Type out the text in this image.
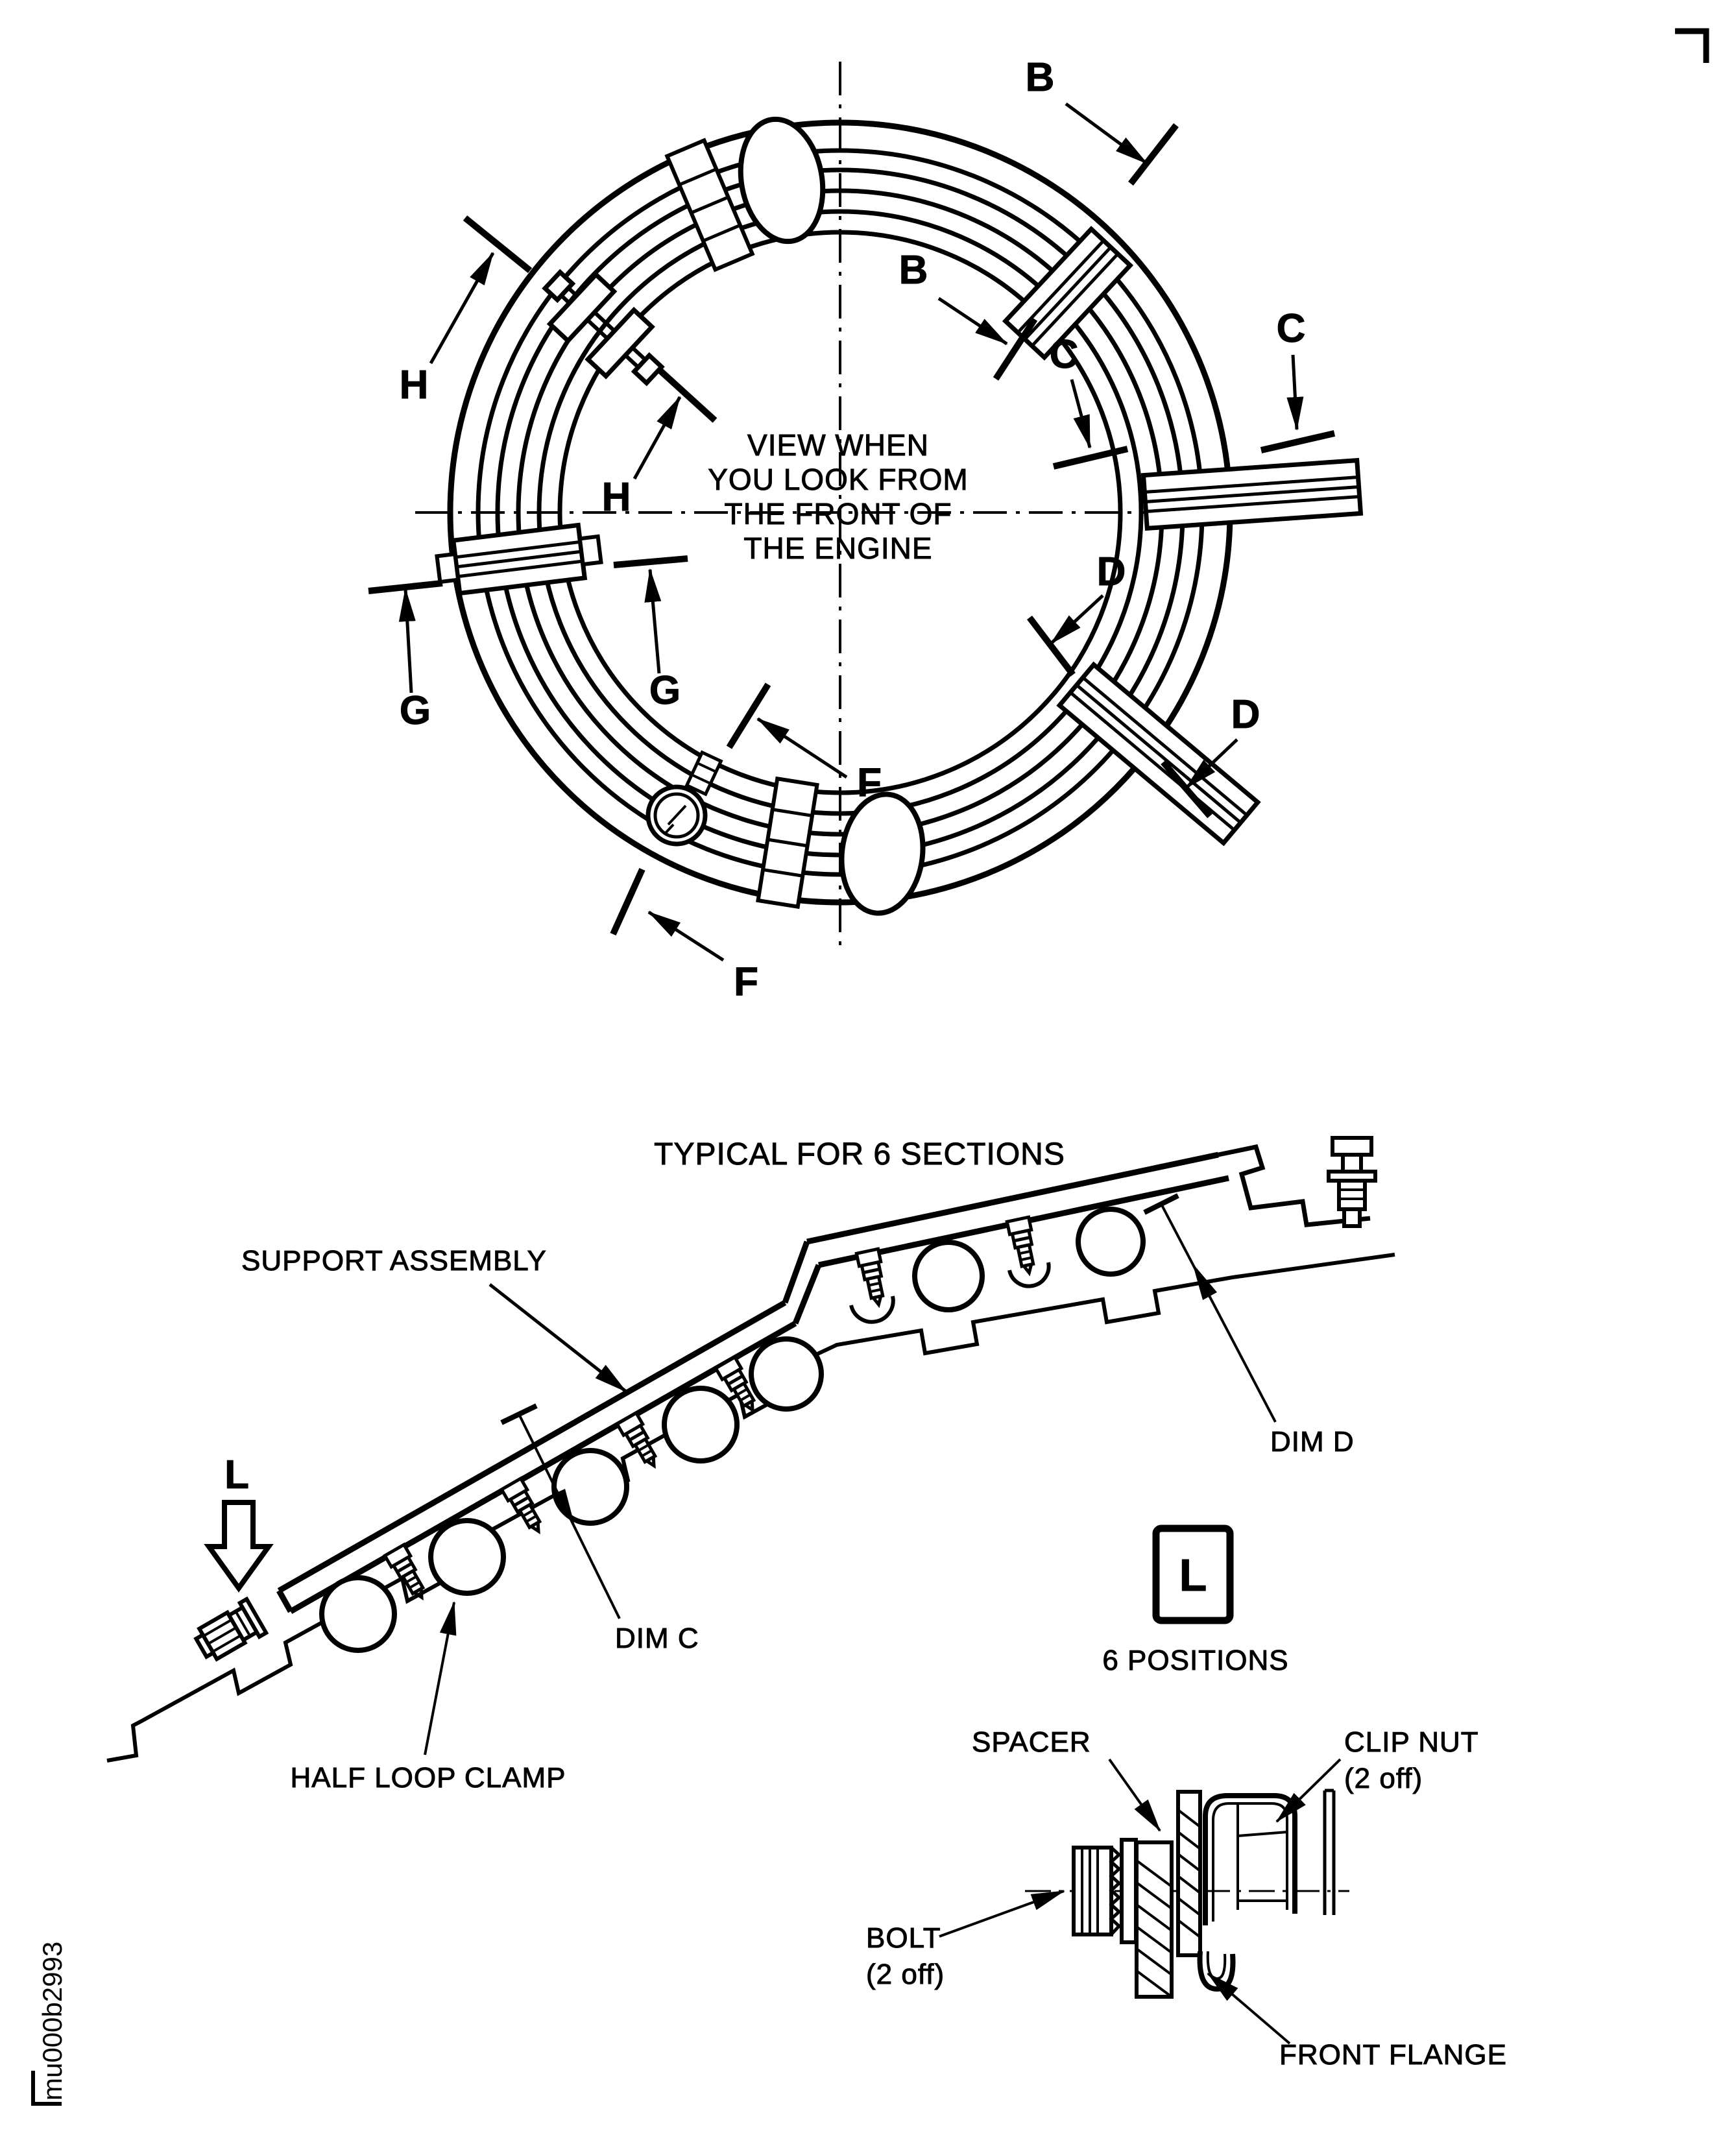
VIEW WHEN
YOU LOOK FROM
THE FRONT OF
THE ENGINE
B
B
C
C
D
D
F
F
G	G
H
H
TYPICAL FOR 6 SECTIONS
L
SUPPORT ASSEMBLY
DIM C
DIM D
HALF LOOP CLAMP
L
6 POSITIONS
SPACER	CLIP NUT
(2 off)
BOLT
(2 off)
FRONT FLANGE
mu000b2993
